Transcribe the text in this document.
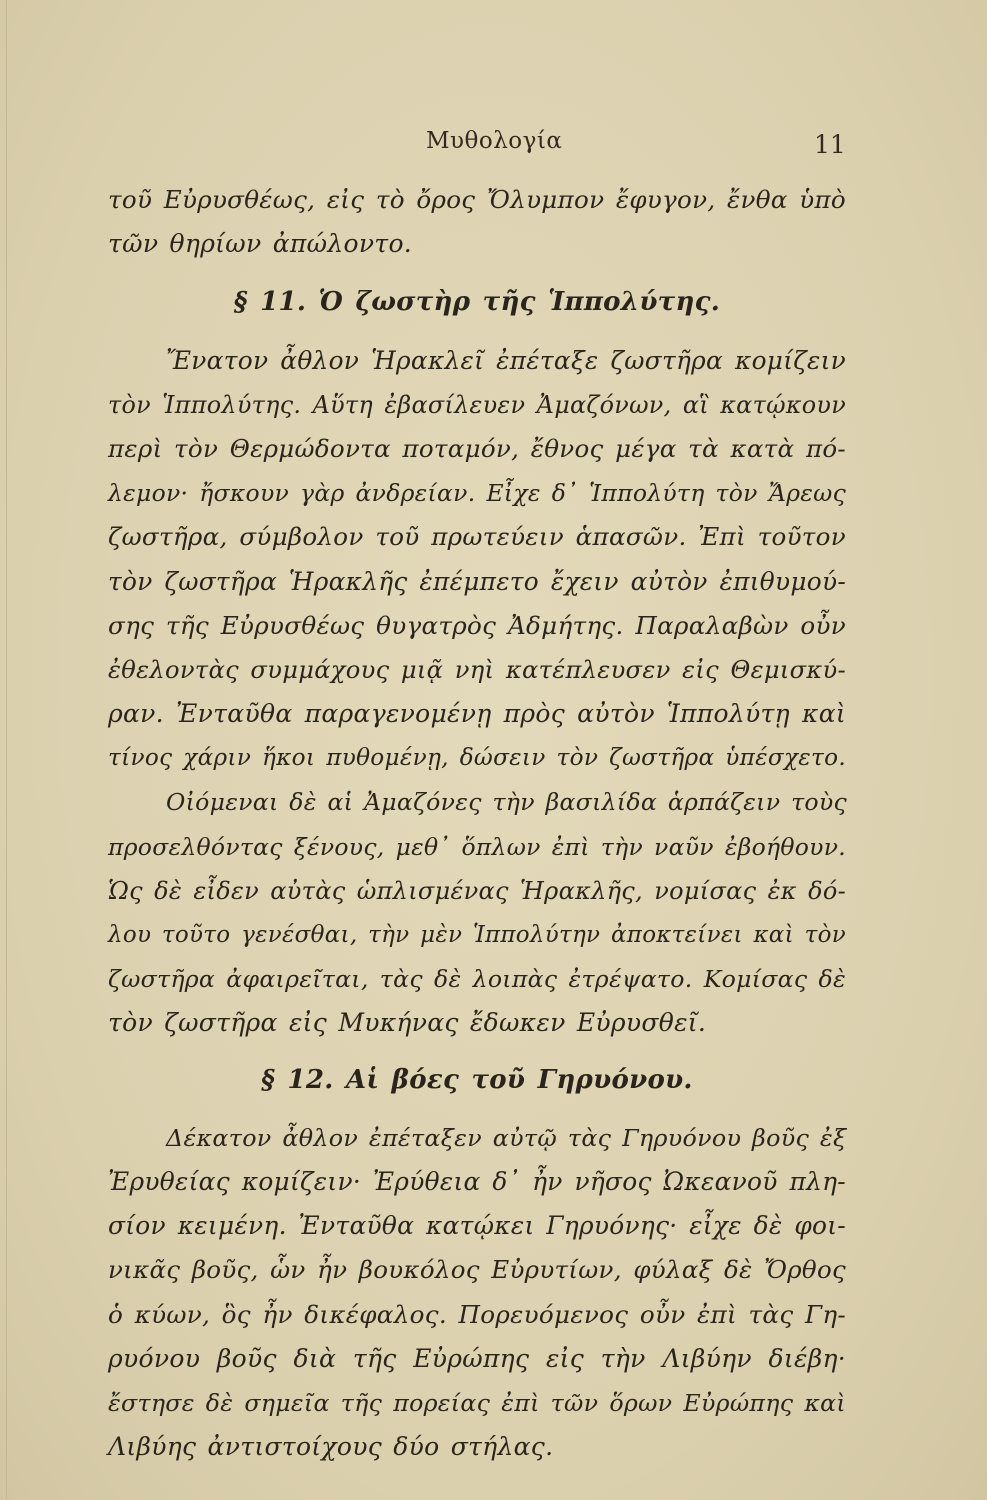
Μυθολογία	11
τοῦ Εὐρυσθέως, εἰς τὸ ὄρος Ὄλυμπον ἔφυγον, ἔνθα ὑπὸ
τῶν θηρίων ἀπώλοντο.
§ 11. Ὁ ζωστὴρ τῆς Ἱππολύτης.
Ἔνατον ἆθλον Ἡρακλεῖ ἐπέταξε ζωστῆρα κομίζειν
τὸν Ἱππολύτης. Αὕτη ἐβασίλευεν Ἀμαζόνων, αἳ κατῴκουν
περὶ τὸν Θερμώδοντα ποταμόν, ἔθνος μέγα τὰ κατὰ πό-
λεμον· ἤσκουν γὰρ ἀνδρείαν. Εἶχε δ᾿ Ἱππολύτη τὸν Ἄρεως
ζωστῆρα, σύμβολον τοῦ πρωτεύειν ἁπασῶν. Ἐπὶ τοῦτον
τὸν ζωστῆρα Ἡρακλῆς ἐπέμπετο ἔχειν αὐτὸν ἐπιθυμού-
σης τῆς Εὐρυσθέως θυγατρὸς Ἀδμήτης. Παραλαβὼν οὖν
ἐθελοντὰς συμμάχους μιᾷ νηὶ κατέπλευσεν εἰς Θεμισκύ-
ραν. Ἐνταῦθα παραγενομένῃ πρὸς αὐτὸν Ἱππολύτῃ καὶ
τίνος χάριν ἥκοι πυθομένῃ, δώσειν τὸν ζωστῆρα ὑπέσχετο.
Οἰόμεναι δὲ αἱ Ἀμαζόνες τὴν βασιλίδα ἁρπάζειν τοὺς
προσελθόντας ξένους, μεθ᾿ ὅπλων ἐπὶ τὴν ναῦν ἐβοήθουν.
Ὡς δὲ εἶδεν αὐτὰς ὡπλισμένας Ἡρακλῆς, νομίσας ἐκ δό-
λου τοῦτο γενέσθαι, τὴν μὲν Ἱππολύτην ἀποκτείνει καὶ τὸν
ζωστῆρα ἀφαιρεῖται, τὰς δὲ λοιπὰς ἐτρέψατο. Κομίσας δὲ
τὸν ζωστῆρα εἰς Μυκήνας ἔδωκεν Εὐρυσθεῖ.
§ 12. Αἱ βόες τοῦ Γηρυόνου.
Δέκατον ἆθλον ἐπέταξεν αὐτῷ τὰς Γηρυόνου βοῦς ἐξ
Ἐρυθείας κομίζειν· Ἐρύθεια δ᾿ ἦν νῆσος Ὠκεανοῦ πλη-
σίον κειμένη. Ἐνταῦθα κατῴκει Γηρυόνης· εἶχε δὲ φοι-
νικᾶς βοῦς, ὧν ἦν βουκόλος Εὐρυτίων, φύλαξ δὲ Ὄρθος
ὁ κύων, ὃς ἦν δικέφαλος. Πορευόμενος οὖν ἐπὶ τὰς Γη-
ρυόνου βοῦς διὰ τῆς Εὐρώπης εἰς τὴν Λιβύην διέβη·
ἔστησε δὲ σημεῖα τῆς πορείας ἐπὶ τῶν ὅρων Εὐρώπης καὶ
Λιβύης ἀντιστοίχους δύο στήλας.
